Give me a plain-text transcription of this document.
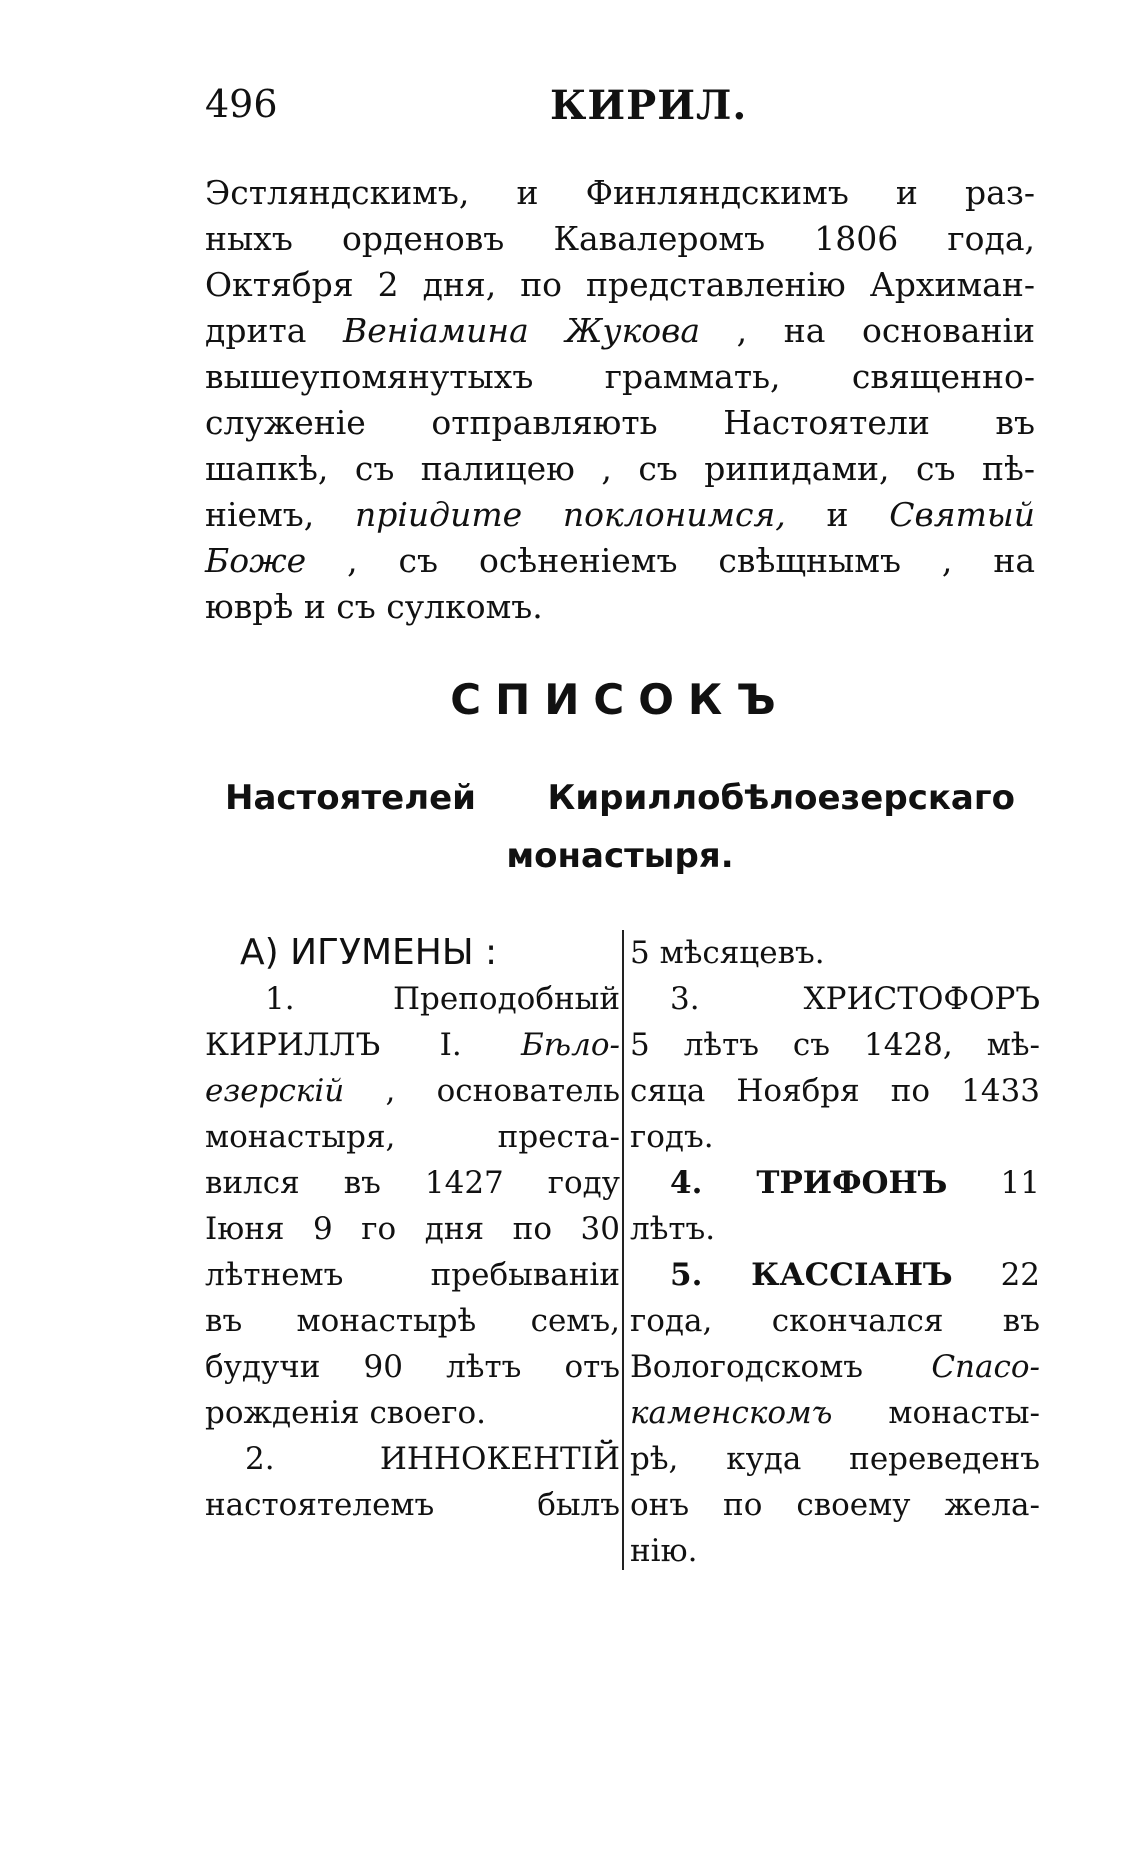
496	КИРИЛ.
Эстляндскимъ, и Финляндскимъ и раз-
ныхъ орденовъ Кавалеромъ 1806 года,
Октября 2 дня, по представленію Архиман-
дрита Веніамина Жукова , на основаніи
вышеупомянутыхъ граммать, священно-
служеніе отправляють Настоятели въ
шапкѣ, съ палицею , съ рипидами, съ пѣ-
ніемъ, пріидите поклонимся, и Святый
Боже , съ осѣненіемъ свѣщнымъ , на
юврѣ и съ сулкомъ.
СПИСОКЪ
Настоятелей Кириллобѣлоезерскаго
монастыря.
А) ИГУМЕНЫ :
1. Преподобный
КИРИЛЛЪ I. Бѣло-
езерскій , основатель
монастыря, преста-
вился въ 1427 году
Іюня 9 го дня по 30
лѣтнемъ пребываніи
въ монастырѣ семъ,
будучи 90 лѣтъ отъ
рожденія своего.
2. ИННОКЕНТІЙ
настоятелемъ былъ
5 мѣсяцевъ.
3. ХРИСТОФОРЪ
5 лѣтъ съ 1428, мѣ-
сяца Ноября по 1433
годъ.
4. ТРИФОНЪ 11
лѣтъ.
5. КАССІАНЪ 22
года, скончался въ
Вологодскомъ Спасо-
каменскомъ монасты-
рѣ, куда переведенъ
онъ по своему жела-
нію.
